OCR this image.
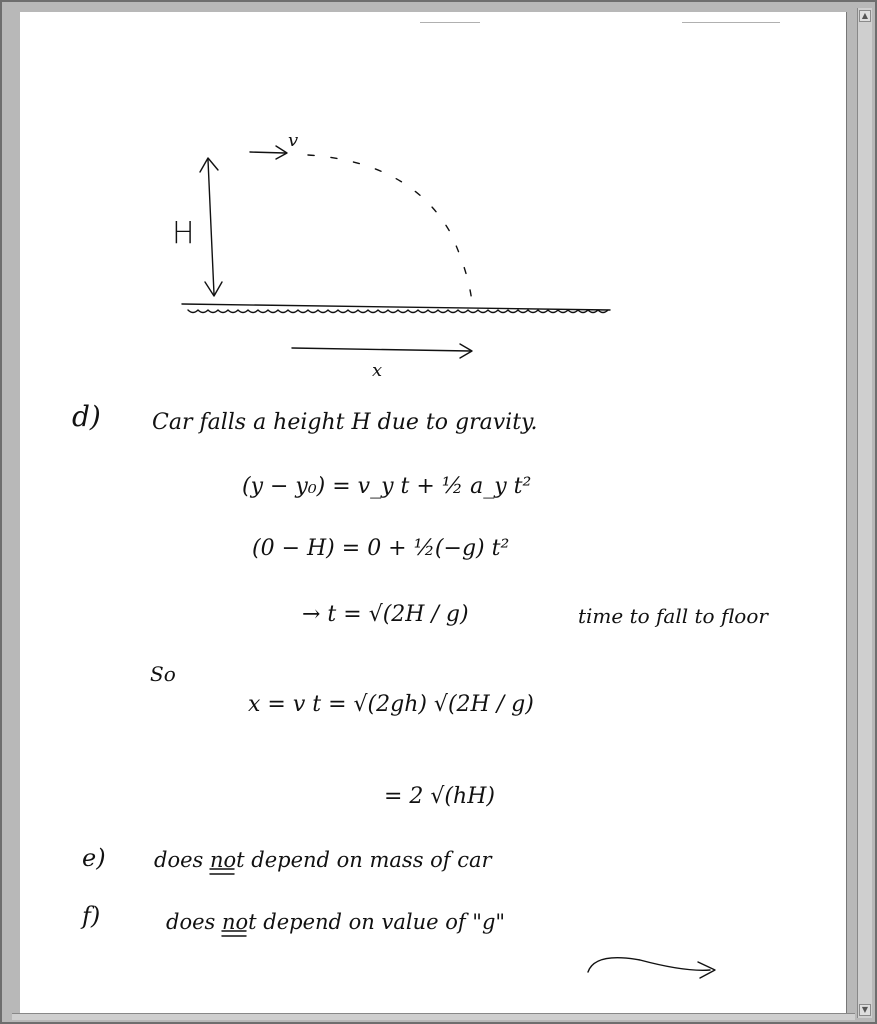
H
v
x
d) Car falls a height H due to gravity.
(y − y₀) = v_y t + ½ a_y t²
(0 − H) = 0 + ½(−g) t²
→ t = √(2H / g)	time to fall to floor
So
x = v t = √(2gh) √(2H / g)
= 2 √(hH)
e) does not depend on mass of car
f)	does not depend on value of "g"
▲
▼
